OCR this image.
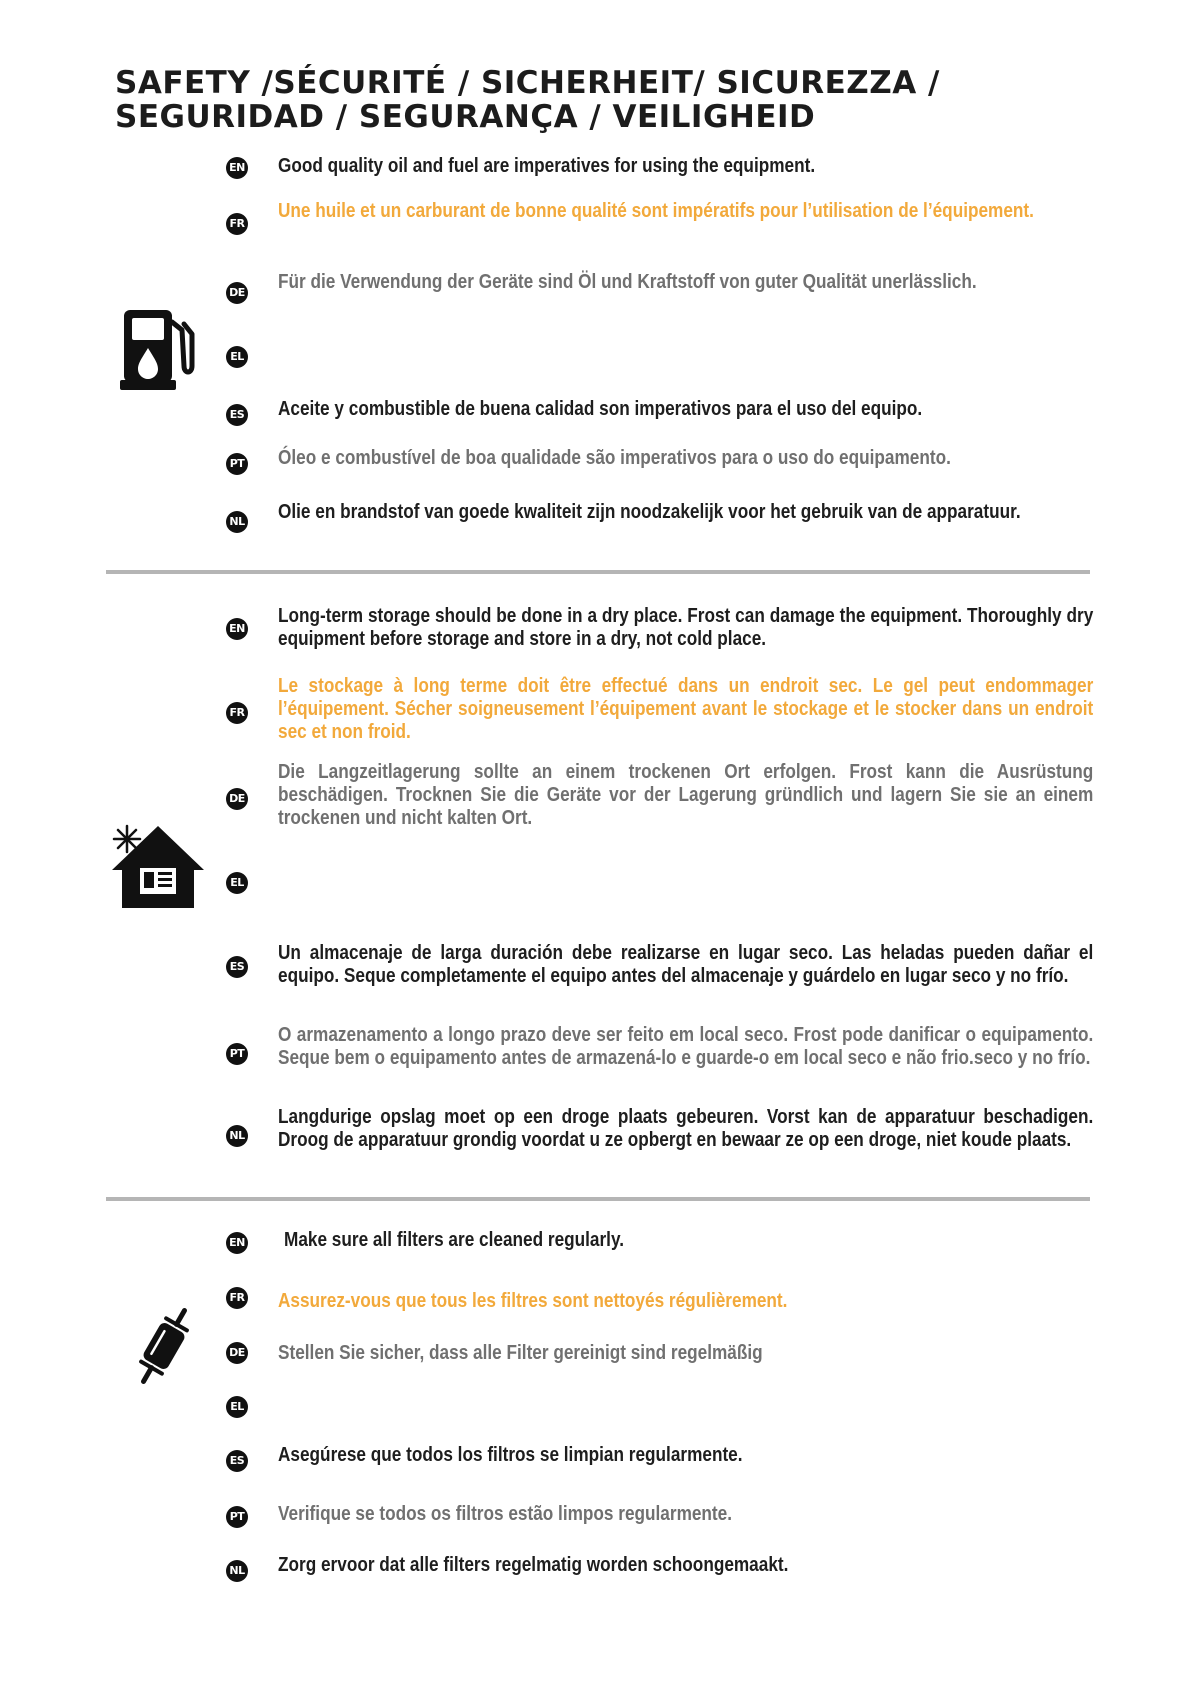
SAFETY /SÉCURITÉ / SICHERHEIT/ SICUREZZA /
SEGURIDAD / SEGURANÇA / VEILIGHEID
EN Good quality oil and fuel are imperatives for using the equipment.
FR
Une huile et un carburant de bonne qualité sont impératifs pour l’utilisation de l’équipement.
DE Für die Verwendung der Geräte sind Öl und Kraftstoff von guter Qualität unerlässlich.
EL
ES Aceite y combustible de buena calidad son imperativos para el uso del equipo.
PT Óleo e combustível de boa qualidade são imperativos para o uso do equipamento.
NL Olie en brandstof van goede kwaliteit zijn noodzakelijk voor het gebruik van de apparatuur.
EN
Long-term storage should be done in a dry place. Frost can damage the equipment. Thoroughly dry equipment before storage and store in a dry, not cold place.
FR
Le stockage à long terme doit être effectué dans un endroit sec. Le gel peut endommager l’équipement. Sécher soigneusement l’équipement avant le stockage et le stocker dans un endroit sec et non froid.
DE
Die Langzeitlagerung sollte an einem trockenen Ort erfolgen. Frost kann die Ausrüstung beschädigen. Trocknen Sie die Geräte vor der Lagerung gründlich und lagern Sie sie an einem trockenen und nicht kalten Ort.
EL
ES
Un almacenaje de larga duración debe realizarse en lugar seco. Las heladas pueden dañar el equipo. Seque completamente el equipo antes del almacenaje y guárdelo en lugar seco y no frío.
PT
O armazenamento a longo prazo deve ser feito em local seco. Frost pode danificar o equipamento. Seque bem o equipamento antes de armazená-lo e guarde-o em local seco e não frio.seco y no frío.
NL
Langdurige opslag moet op een droge plaats gebeuren. Vorst kan de apparatuur beschadigen. Droog de apparatuur grondig voordat u ze opbergt en bewaar ze op een droge, niet koude plaats.
EN Make sure all filters are cleaned regularly.
FR Assurez-vous que tous les filtres sont nettoyés régulièrement.
DE Stellen Sie sicher, dass alle Filter gereinigt sind regelmäßig
EL
ES Asegúrese que todos los filtros se limpian regularmente.
PT Verifique se todos os filtros estão limpos regularmente.
NL Zorg ervoor dat alle filters regelmatig worden schoongemaakt.
